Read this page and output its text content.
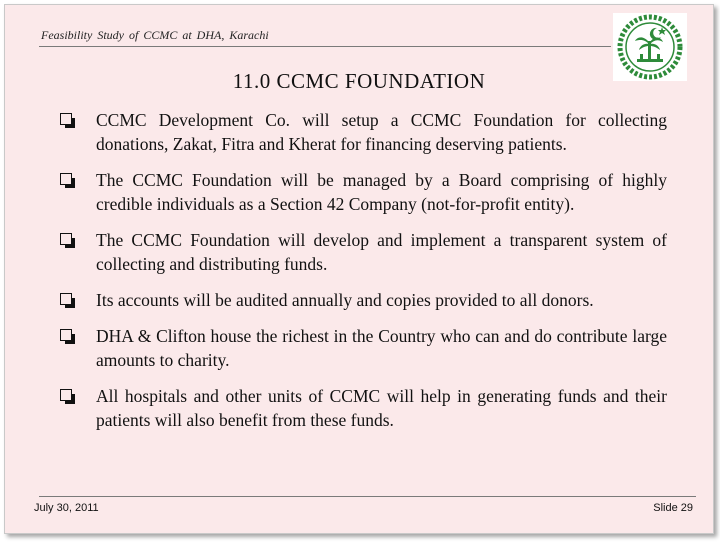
Feasibility Study of CCMC at DHA, Karachi
11.0 CCMC FOUNDATION
CCMC Development Co. will setup a CCMC Foundation for collecting donations, Zakat, Fitra and Kherat for financing deserving patients.
The CCMC Foundation will be managed by a Board comprising of highly credible individuals as a Section 42 Company (not-for-profit entity).
The CCMC Foundation will develop and implement a transparent system of collecting and distributing funds.
Its accounts will be audited annually and copies provided to all donors.
DHA & Clifton house the richest in the Country who can and do contribute large amounts to charity.
All hospitals and other units of CCMC will help in generating funds and their patients will also benefit from these funds.
July 30, 2011	Slide 29
